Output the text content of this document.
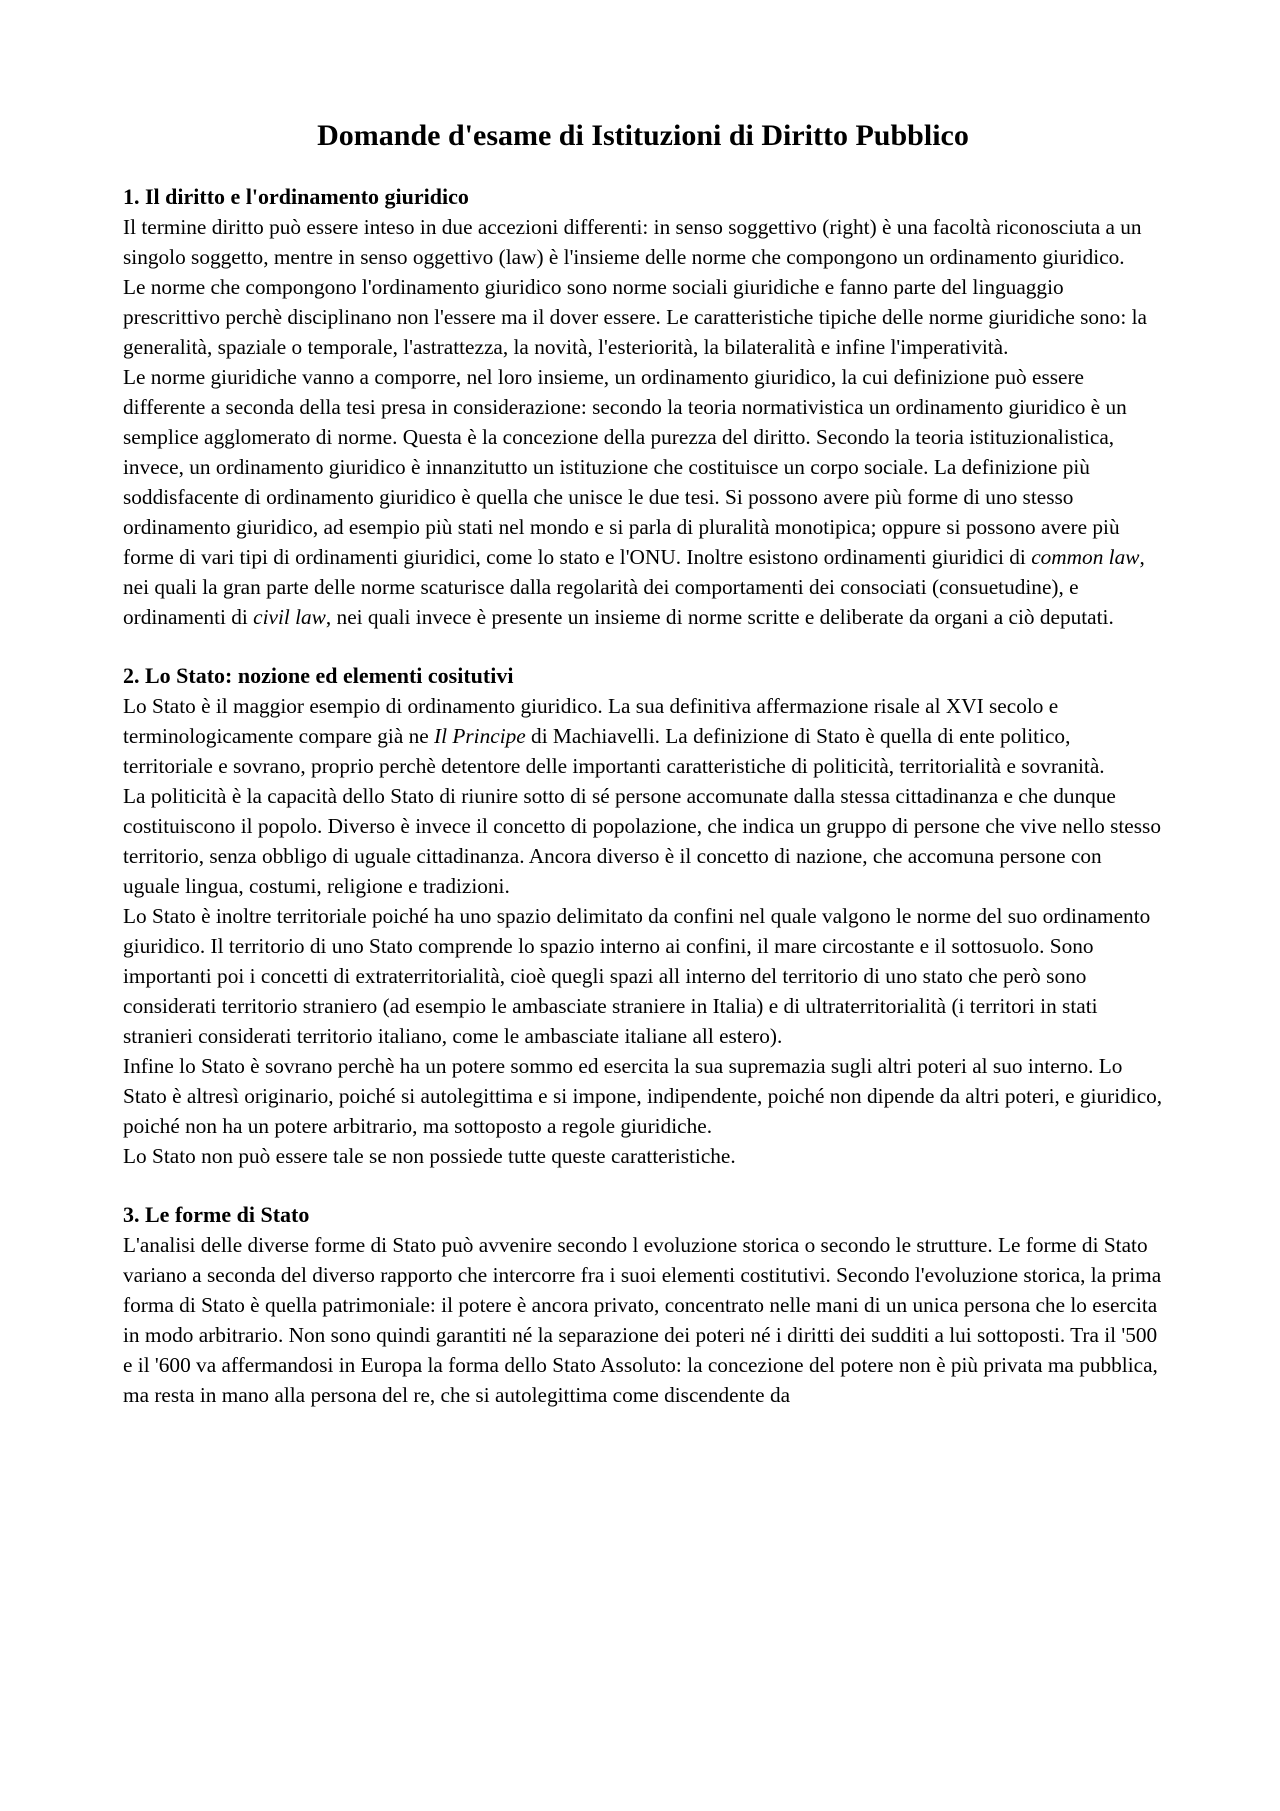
Domande d'esame di Istituzioni di Diritto Pubblico
1. Il diritto e l'ordinamento giuridico

Il termine diritto può essere inteso in due accezioni differenti: in senso soggettivo (right) è una facoltà riconosciuta a un singolo soggetto, mentre in senso oggettivo (law) è l'insieme delle norme che compongono un ordinamento giuridico.

Le norme che compongono l'ordinamento giuridico sono norme sociali giuridiche e fanno parte del linguaggio prescrittivo perchè disciplinano non l'essere ma il dover essere. Le caratteristiche tipiche delle norme giuridiche sono: la generalità, spaziale o temporale, l'astrattezza, la novità, l'esteriorità, la bilateralità e infine l'imperatività.

Le norme giuridiche vanno a comporre, nel loro insieme, un ordinamento giuridico, la cui definizione può essere differente a seconda della tesi presa in considerazione: secondo la teoria normativistica un ordinamento giuridico è un semplice agglomerato di norme. Questa è la concezione della purezza del diritto. Secondo la teoria istituzionalistica, invece, un ordinamento giuridico è innanzitutto un istituzione che costituisce un corpo sociale. La definizione più soddisfacente di ordinamento giuridico è quella che unisce le due tesi. Si possono avere più forme di uno stesso ordinamento giuridico, ad esempio più stati nel mondo e si parla di pluralità monotipica; oppure si possono avere più forme di vari tipi di ordinamenti giuridici, come lo stato e l'ONU. Inoltre esistono ordinamenti giuridici di common law, nei quali la gran parte delle norme scaturisce dalla regolarità dei comportamenti dei consociati (consuetudine), e ordinamenti di civil law, nei quali invece è presente un insieme di norme scritte e deliberate da organi a ciò deputati.

2. Lo Stato: nozione ed elementi cositutivi

Lo Stato è il maggior esempio di ordinamento giuridico. La sua definitiva affermazione risale al XVI secolo e terminologicamente compare già ne Il Principe di Machiavelli. La definizione di Stato è quella di ente politico, territoriale e sovrano, proprio perchè detentore delle importanti caratteristiche di politicità, territorialità e sovranità.

La politicità è la capacità dello Stato di riunire sotto di sé persone accomunate dalla stessa cittadinanza e che dunque costituiscono il popolo. Diverso è invece il concetto di popolazione, che indica un gruppo di persone che vive nello stesso territorio, senza obbligo di uguale cittadinanza. Ancora diverso è il concetto di nazione, che accomuna persone con uguale lingua, costumi, religione e tradizioni.

Lo Stato è inoltre territoriale poiché ha uno spazio delimitato da confini nel quale valgono le norme del suo ordinamento giuridico. Il territorio di uno Stato comprende lo spazio interno ai confini, il mare circostante e il sottosuolo. Sono importanti poi i concetti di extraterritorialità, cioè quegli spazi all interno del territorio di uno stato che però sono considerati territorio straniero (ad esempio le ambasciate straniere in Italia) e di ultraterritorialità (i territori in stati stranieri considerati territorio italiano, come le ambasciate italiane all estero).

Infine lo Stato è sovrano perchè ha un potere sommo ed esercita la sua supremazia sugli altri poteri al suo interno. Lo Stato è altresì originario, poiché si autolegittima e si impone, indipendente, poiché non dipende da altri poteri, e giuridico, poiché non ha un potere arbitrario, ma sottoposto a regole giuridiche.

Lo Stato non può essere tale se non possiede tutte queste caratteristiche.

3. Le forme di Stato

L'analisi delle diverse forme di Stato può avvenire secondo l evoluzione storica o secondo le strutture. Le forme di Stato variano a seconda del diverso rapporto che intercorre fra i suoi elementi costitutivi. Secondo l'evoluzione storica, la prima forma di Stato è quella patrimoniale: il potere è ancora privato, concentrato nelle mani di un unica persona che lo esercita in modo arbitrario. Non sono quindi garantiti né la separazione dei poteri né i diritti dei sudditi a lui sottoposti. Tra il '500 e il '600 va affermandosi in Europa la forma dello Stato Assoluto: la concezione del potere non è più privata ma pubblica, ma resta in mano alla persona del re, che si autolegittima come discendente da
